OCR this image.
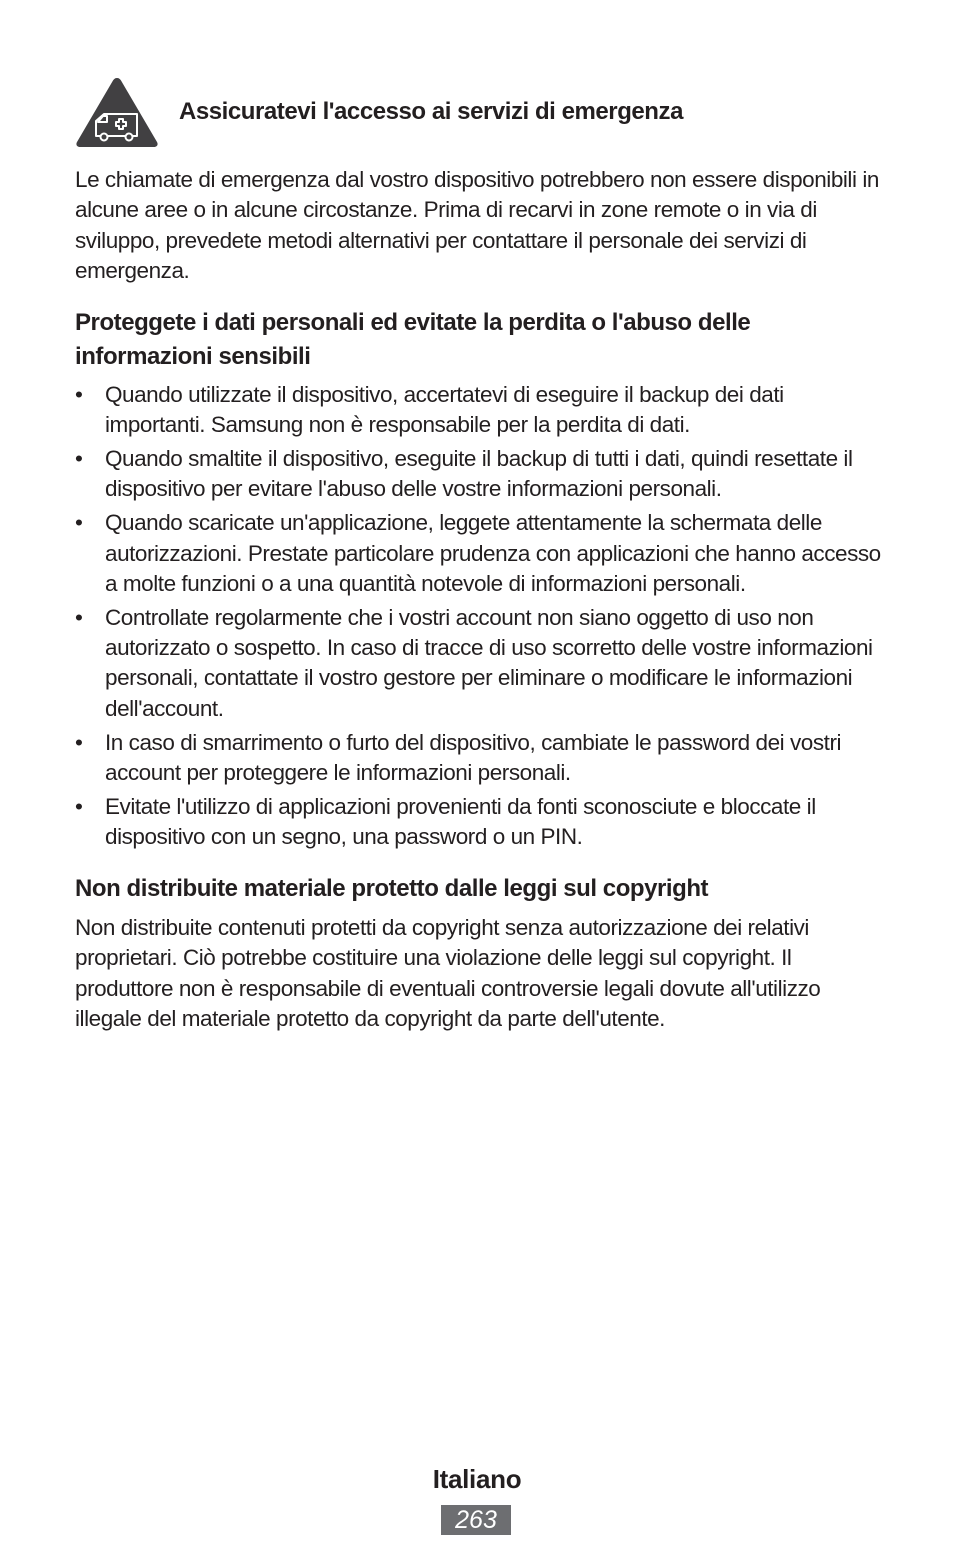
Assicuratevi l'accesso ai servizi di emergenza

Le chiamate di emergenza dal vostro dispositivo potrebbero non essere disponibili in alcune aree o in alcune circostanze. Prima di recarvi in zone remote o in via di sviluppo, prevedete metodi alternativi per contattare il personale dei servizi di emergenza.

Proteggete i dati personali ed evitate la perdita o l'abuso delle informazioni sensibili
• Quando utilizzate il dispositivo, accertatevi di eseguire il backup dei dati importanti. Samsung non è responsabile per la perdita di dati.
• Quando smaltite il dispositivo, eseguite il backup di tutti i dati, quindi resettate il dispositivo per evitare l'abuso delle vostre informazioni personali.
• Quando scaricate un'applicazione, leggete attentamente la schermata delle autorizzazioni. Prestate particolare prudenza con applicazioni che hanno accesso a molte funzioni o a una quantità notevole di informazioni personali.
• Controllate regolarmente che i vostri account non siano oggetto di uso non autorizzato o sospetto. In caso di tracce di uso scorretto delle vostre informazioni personali, contattate il vostro gestore per eliminare o modificare le informazioni dell'account.
• In caso di smarrimento o furto del dispositivo, cambiate le password dei vostri account per proteggere le informazioni personali.
• Evitate l'utilizzo di applicazioni provenienti da fonti sconosciute e bloccate il dispositivo con un segno, una password o un PIN.
Non distribuite materiale protetto dalle leggi sul copyright

Non distribuite contenuti protetti da copyright senza autorizzazione dei relativi proprietari. Ciò potrebbe costituire una violazione delle leggi sul copyright. Il produttore non è responsabile di eventuali controversie legali dovute all'utilizzo illegale del materiale protetto da copyright da parte dell'utente.

Italiano
263
